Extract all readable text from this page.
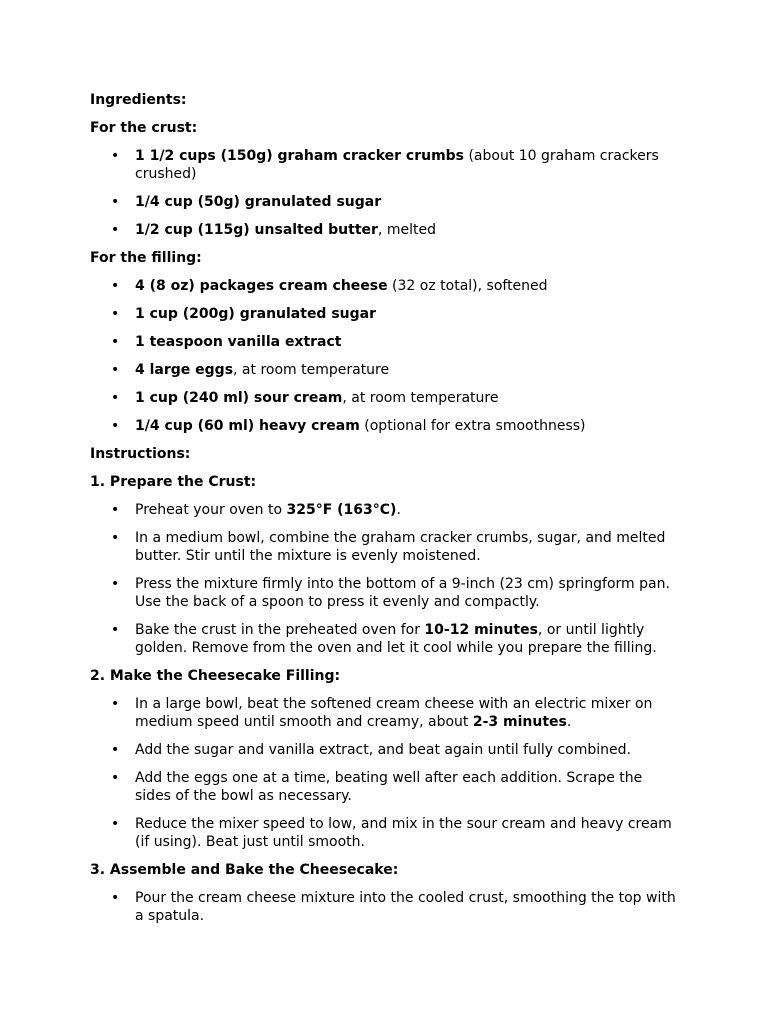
Ingredients:
For the crust:
• 1 1/2 cups (150g) graham cracker crumbs (about 10 graham crackers crushed)
• 1/4 cup (50g) granulated sugar
• 1/2 cup (115g) unsalted butter, melted
For the filling:
• 4 (8 oz) packages cream cheese (32 oz total), softened
• 1 cup (200g) granulated sugar
• 1 teaspoon vanilla extract
• 4 large eggs, at room temperature
• 1 cup (240 ml) sour cream, at room temperature
• 1/4 cup (60 ml) heavy cream (optional for extra smoothness)
Instructions:
1. Prepare the Crust:
• Preheat your oven to 325°F (163°C).
• In a medium bowl, combine the graham cracker crumbs, sugar, and melted butter. Stir until the mixture is evenly moistened.
• Press the mixture firmly into the bottom of a 9-inch (23 cm) springform pan. Use the back of a spoon to press it evenly and compactly.
• Bake the crust in the preheated oven for 10-12 minutes, or until lightly golden. Remove from the oven and let it cool while you prepare the filling.
2. Make the Cheesecake Filling:
• In a large bowl, beat the softened cream cheese with an electric mixer on medium speed until smooth and creamy, about 2-3 minutes.
• Add the sugar and vanilla extract, and beat again until fully combined.
• Add the eggs one at a time, beating well after each addition. Scrape the sides of the bowl as necessary.
• Reduce the mixer speed to low, and mix in the sour cream and heavy cream (if using). Beat just until smooth.
3. Assemble and Bake the Cheesecake:
• Pour the cream cheese mixture into the cooled crust, smoothing the top with a spatula.
